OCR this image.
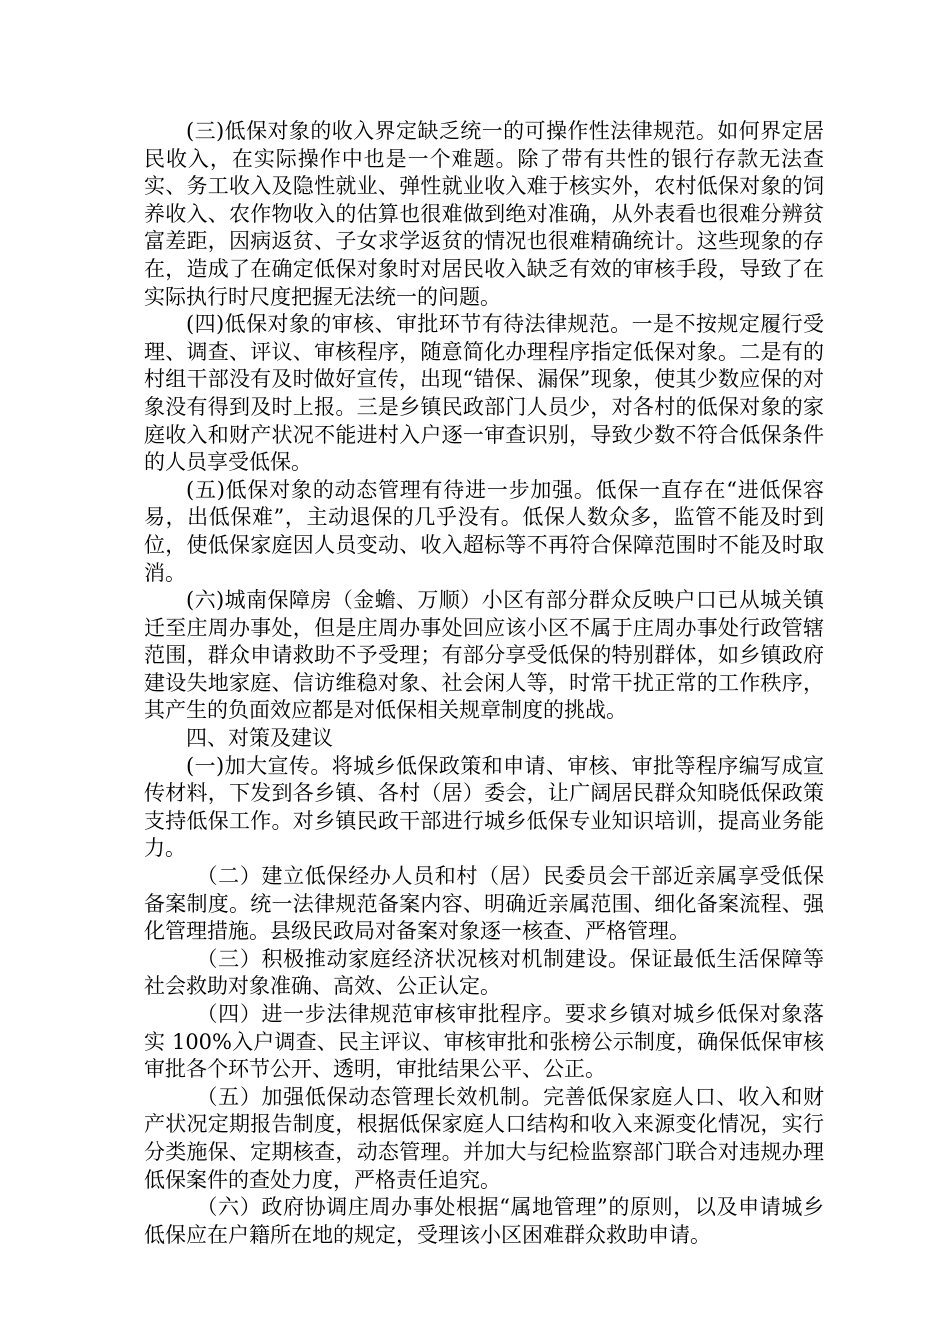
(三)低保对象的收入界定缺乏统一的可操作性法律规范。如何界定居民收入，在实际操作中也是一个难题。除了带有共性的银行存款无法查实、务工收入及隐性就业、弹性就业收入难于核实外，农村低保对象的饲养收入、农作物收入的估算也很难做到绝对准确，从外表看也很难分辨贫富差距，因病返贫、子女求学返贫的情况也很难精确统计。这些现象的存在，造成了在确定低保对象时对居民收入缺乏有效的审核手段，导致了在实际执行时尺度把握无法统一的问题。

(四)低保对象的审核、审批环节有待法律规范。一是不按规定履行受理、调查、评议、审核程序，随意简化办理程序指定低保对象。二是有的村组干部没有及时做好宣传，出现“错保、漏保”现象，使其少数应保的对象没有得到及时上报。三是乡镇民政部门人员少，对各村的低保对象的家庭收入和财产状况不能进村入户逐一审查识别，导致少数不符合低保条件的人员享受低保。

(五)低保对象的动态管理有待进一步加强。低保一直存在“进低保容易，出低保难”，主动退保的几乎没有。低保人数众多，监管不能及时到位，使低保家庭因人员变动、收入超标等不再符合保障范围时不能及时取消。

(六)城南保障房（金蟾、万顺）小区有部分群众反映户口已从城关镇迁至庄周办事处，但是庄周办事处回应该小区不属于庄周办事处行政管辖范围，群众申请救助不予受理；有部分享受低保的特别群体，如乡镇政府建设失地家庭、信访维稳对象、社会闲人等，时常干扰正常的工作秩序，其产生的负面效应都是对低保相关规章制度的挑战。

四、对策及建议

(一)加大宣传。将城乡低保政策和申请、审核、审批等程序编写成宣传材料，下发到各乡镇、各村（居）委会，让广阔居民群众知晓低保政策支持低保工作。对乡镇民政干部进行城乡低保专业知识培训，提高业务能力。

（二）建立低保经办人员和村（居）民委员会干部近亲属享受低保备案制度。统一法律规范备案内容、明确近亲属范围、细化备案流程、强化管理措施。县级民政局对备案对象逐一核查、严格管理。

（三）积极推动家庭经济状况核对机制建设。保证最低生活保障等社会救助对象准确、高效、公正认定。

（四）进一步法律规范审核审批程序。要求乡镇对城乡低保对象落实 100%入户调查、民主评议、审核审批和张榜公示制度，确保低保审核审批各个环节公开、透明，审批结果公平、公正。

（五）加强低保动态管理长效机制。完善低保家庭人口、收入和财产状况定期报告制度，根据低保家庭人口结构和收入来源变化情况，实行分类施保、定期核查，动态管理。并加大与纪检监察部门联合对违规办理低保案件的查处力度，严格责任追究。

（六）政府协调庄周办事处根据“属地管理”的原则，以及申请城乡低保应在户籍所在地的规定，受理该小区困难群众救助申请。
